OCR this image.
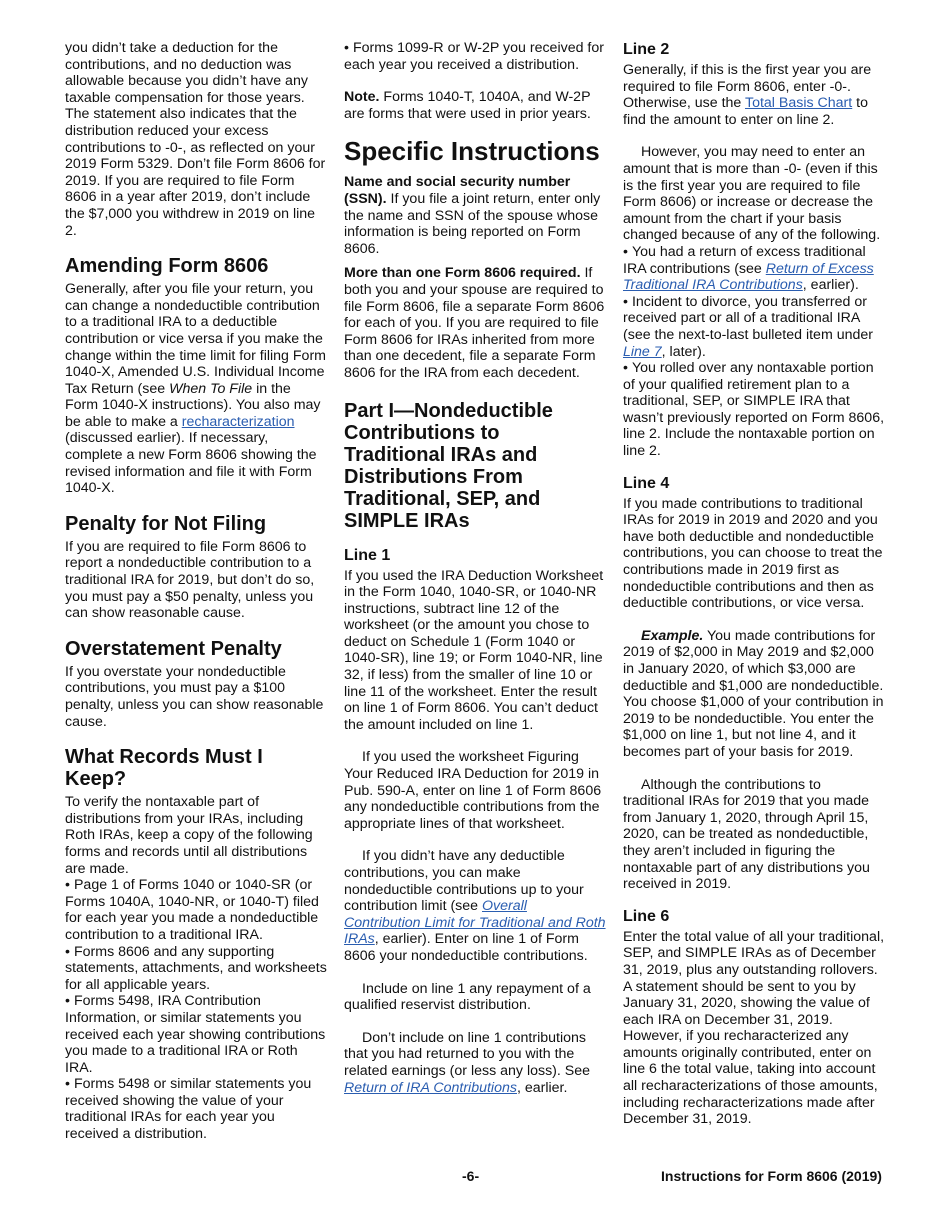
you didn’t take a deduction for the contributions, and no deduction was allowable because you didn’t have any taxable compensation for those years. The statement also indicates that the distribution reduced your excess contributions to -0-, as reflected on your 2019 Form 5329. Don’t file Form 8606 for 2019. If you are required to file Form 8606 in a year after 2019, don’t include the $7,000 you withdrew in 2019 on line 2.

Amending Form 8606

Generally, after you file your return, you can change a nondeductible contribution to a traditional IRA to a deductible contribution or vice versa if you make the change within the time limit for filing Form 1040-X, Amended U.S. Individual Income Tax Return (see When To File in the Form 1040-X instructions). You also may be able to make a recharacterization (discussed earlier). If necessary, complete a new Form 8606 showing the revised information and file it with Form 1040-X.

Penalty for Not Filing

If you are required to file Form 8606 to report a nondeductible contribution to a traditional IRA for 2019, but don’t do so, you must pay a $50 penalty, unless you can show reasonable cause.

Overstatement Penalty

If you overstate your nondeductible contributions, you must pay a $100 penalty, unless you can show reasonable cause.

What Records Must I Keep?

To verify the nontaxable part of distributions from your IRAs, including Roth IRAs, keep a copy of the following forms and records until all distributions are made.

• Page 1 of Forms 1040 or 1040-SR (or Forms 1040A, 1040-NR, or 1040-T) filed for each year you made a nondeductible contribution to a traditional IRA.

• Forms 8606 and any supporting statements, attachments, and worksheets for all applicable years.

• Forms 5498, IRA Contribution Information, or similar statements you received each year showing contributions you made to a traditional IRA or Roth IRA.

• Forms 5498 or similar statements you received showing the value of your traditional IRAs for each year you received a distribution.

• Forms 1099-R or W-2P you received for each year you received a distribution.

Note. Forms 1040-T, 1040A, and W-2P are forms that were used in prior years.

Specific Instructions

Name and social security number (SSN). If you file a joint return, enter only the name and SSN of the spouse whose information is being reported on Form 8606.

More than one Form 8606 required. If both you and your spouse are required to file Form 8606, file a separate Form 8606 for each of you. If you are required to file Form 8606 for IRAs inherited from more than one decedent, file a separate Form 8606 for the IRA from each decedent.

Part I—Nondeductible Contributions to Traditional IRAs and Distributions From Traditional, SEP, and SIMPLE IRAs
Line 1

If you used the IRA Deduction Worksheet in the Form 1040, 1040-SR, or 1040-NR instructions, subtract line 12 of the worksheet (or the amount you chose to deduct on Schedule 1 (Form 1040 or 1040-SR), line 19; or Form 1040-NR, line 32, if less) from the smaller of line 10 or line 11 of the worksheet. Enter the result on line 1 of Form 8606. You can’t deduct the amount included on line 1.

If you used the worksheet Figuring Your Reduced IRA Deduction for 2019 in Pub. 590-A, enter on line 1 of Form 8606 any nondeductible contributions from the appropriate lines of that worksheet.

If you didn’t have any deductible contributions, you can make nondeductible contributions up to your contribution limit (see Overall Contribution Limit for Traditional and Roth IRAs, earlier). Enter on line 1 of Form 8606 your nondeductible contributions.

Include on line 1 any repayment of a qualified reservist distribution.

Don’t include on line 1 contributions that you had returned to you with the related earnings (or less any loss). See Return of IRA Contributions, earlier.

Line 2

Generally, if this is the first year you are required to file Form 8606, enter -0-. Otherwise, use the Total Basis Chart to find the amount to enter on line 2.

However, you may need to enter an amount that is more than -0- (even if this is the first year you are required to file Form 8606) or increase or decrease the amount from the chart if your basis changed because of any of the following.

• You had a return of excess traditional IRA contributions (see Return of Excess Traditional IRA Contributions, earlier).

• Incident to divorce, you transferred or received part or all of a traditional IRA (see the next-to-last bulleted item under Line 7, later).

• You rolled over any nontaxable portion of your qualified retirement plan to a traditional, SEP, or SIMPLE IRA that wasn’t previously reported on Form 8606, line 2. Include the nontaxable portion on line 2.

Line 4

If you made contributions to traditional IRAs for 2019 in 2019 and 2020 and you have both deductible and nondeductible contributions, you can choose to treat the contributions made in 2019 first as nondeductible contributions and then as deductible contributions, or vice versa.

Example. You made contributions for 2019 of $2,000 in May 2019 and $2,000 in January 2020, of which $3,000 are deductible and $1,000 are nondeductible. You choose $1,000 of your contribution in 2019 to be nondeductible. You enter the $1,000 on line 1, but not line 4, and it becomes part of your basis for 2019.

Although the contributions to traditional IRAs for 2019 that you made from January 1, 2020, through April 15, 2020, can be treated as nondeductible, they aren’t included in figuring the nontaxable part of any distributions you received in 2019.

Line 6

Enter the total value of all your traditional, SEP, and SIMPLE IRAs as of December 31, 2019, plus any outstanding rollovers. A statement should be sent to you by January 31, 2020, showing the value of each IRA on December 31, 2019. However, if you recharacterized any amounts originally contributed, enter on line 6 the total value, taking into account all recharacterizations of those amounts, including recharacterizations made after December 31, 2019.

-6-	Instructions for Form 8606 (2019)
